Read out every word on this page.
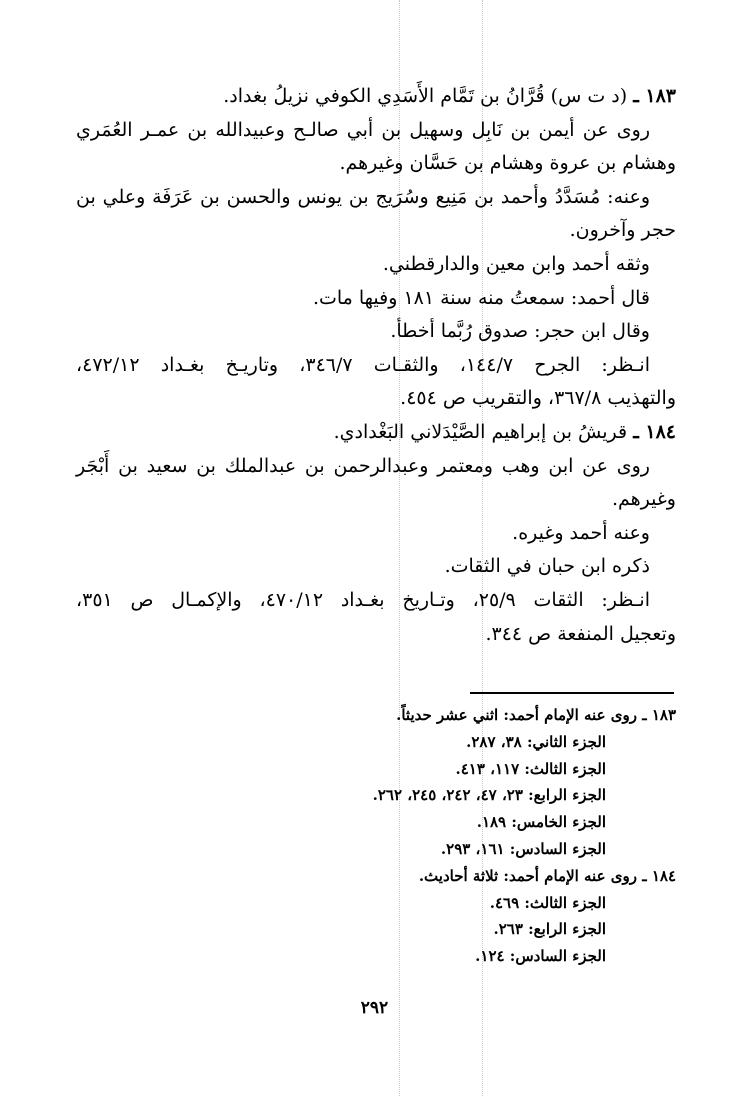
١٨٣ ـ (د ت س) قُرَّانُ بن تَمَّام الأَسَدِي الكوفي نزيلُ بغداد.
روى عن أيمن بن نَابِل وسهيل بن أبي صالـح وعبيدالله بن عمـر العُمَري
وهشام بن عروة وهشام بن حَسَّان وغيرهم.
وعنه: مُسَدَّدُ وأحمد بن مَنِيع وسُرَيج بن يونس والحسن بن عَرَفَة وعلي بن
حجر وآخرون.
وثقه أحمد وابن معين والدارقطني.
قال أحمد: سمعتُ منه سنة ١٨١ وفيها مات.
وقال ابن حجر: صدوق رُبَّما أخطأ.
انـظر: الجرح ١٤٤/٧، والثقـات ٣٤٦/٧، وتاريـخ بغـداد ٤٧٢/١٢،
والتهذيب ٣٦٧/٨، والتقريب ص ٤٥٤.
١٨٤ ـ قريشُ بن إبراهيم الصَّيْدَلاني البَغْدادي.
روى عن ابن وهب ومعتمر وعبدالرحمن بن عبدالملك بن سعيد بن أَبْجَر
وغيرهم.
وعنه أحمد وغيره.
ذكره ابن حبان في الثقات.
انـظر: الثقات ٢٥/٩، وتـاريخ بغـداد ٤٧٠/١٢، والإكمـال ص ٣٥١،
وتعجيل المنفعة ص ٣٤٤.
١٨٣ ـ روى عنه الإمام أحمد: اثني عشر حديثاً.
الجزء الثاني: ٣٨، ٢٨٧.
الجزء الثالث: ١١٧، ٤١٣.
الجزء الرابع: ٢٣، ٤٧، ٢٤٢، ٢٤٥، ٢٦٢.
الجزء الخامس: ١٨٩.
الجزء السادس: ١٦١، ٢٩٣.
١٨٤ ـ روى عنه الإمام أحمد: ثلاثة أحاديث.
الجزء الثالث: ٤٦٩.
الجزء الرابع: ٢٦٣.
الجزء السادس: ١٢٤.
٢٩٢
